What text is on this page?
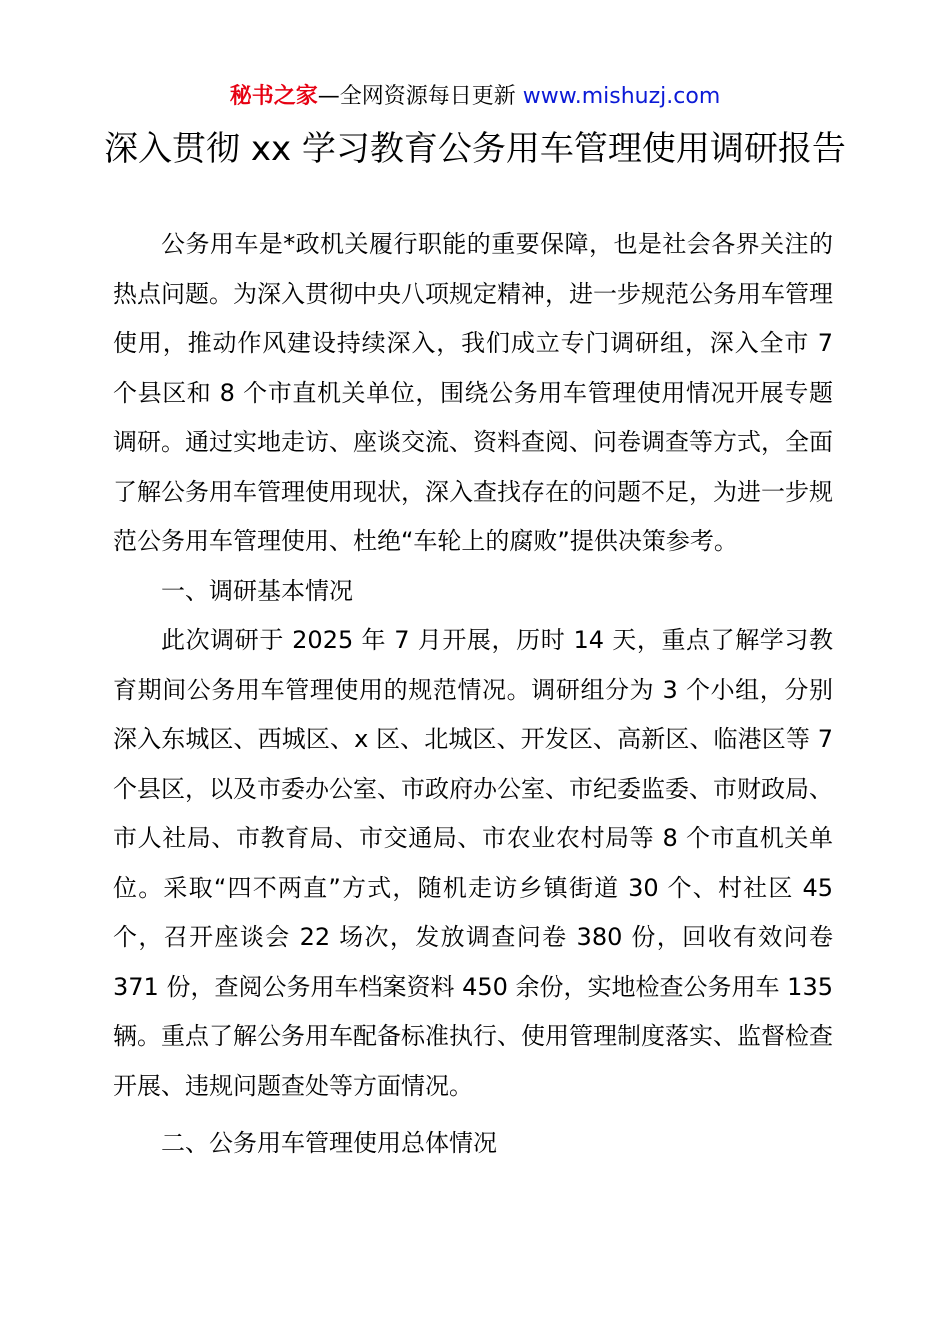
秘书之家—全网资源每日更新 www.mishuzj.com
深入贯彻 xx 学习教育公务用车管理使用调研报告

公务用车是*政机关履行职能的重要保障，也是社会各界关注的热点问题。为深入贯彻中央八项规定精神，进一步规范公务用车管理使用，推动作风建设持续深入，我们成立专门调研组，深入全市 7 个县区和 8 个市直机关单位，围绕公务用车管理使用情况开展专题调研。通过实地走访、座谈交流、资料查阅、问卷调查等方式，全面了解公务用车管理使用现状，深入查找存在的问题不足，为进一步规范公务用车管理使用、杜绝“车轮上的腐败”提供决策参考。

一、调研基本情况

此次调研于 2025 年 7 月开展，历时 14 天，重点了解学习教育期间公务用车管理使用的规范情况。调研组分为 3 个小组，分别深入东城区、西城区、x 区、北城区、开发区、高新区、临港区等 7 个县区，以及市委办公室、市政府办公室、市纪委监委、市财政局、市人社局、市教育局、市交通局、市农业农村局等 8 个市直机关单位。采取“四不两直”方式，随机走访乡镇街道 30 个、村社区 45 个，召开座谈会 22 场次，发放调查问卷 380 份，回收有效问卷 371 份，查阅公务用车档案资料 450 余份，实地检查公务用车 135 辆。重点了解公务用车配备标准执行、使用管理制度落实、监督检查开展、违规问题查处等方面情况。

二、公务用车管理使用总体情况
